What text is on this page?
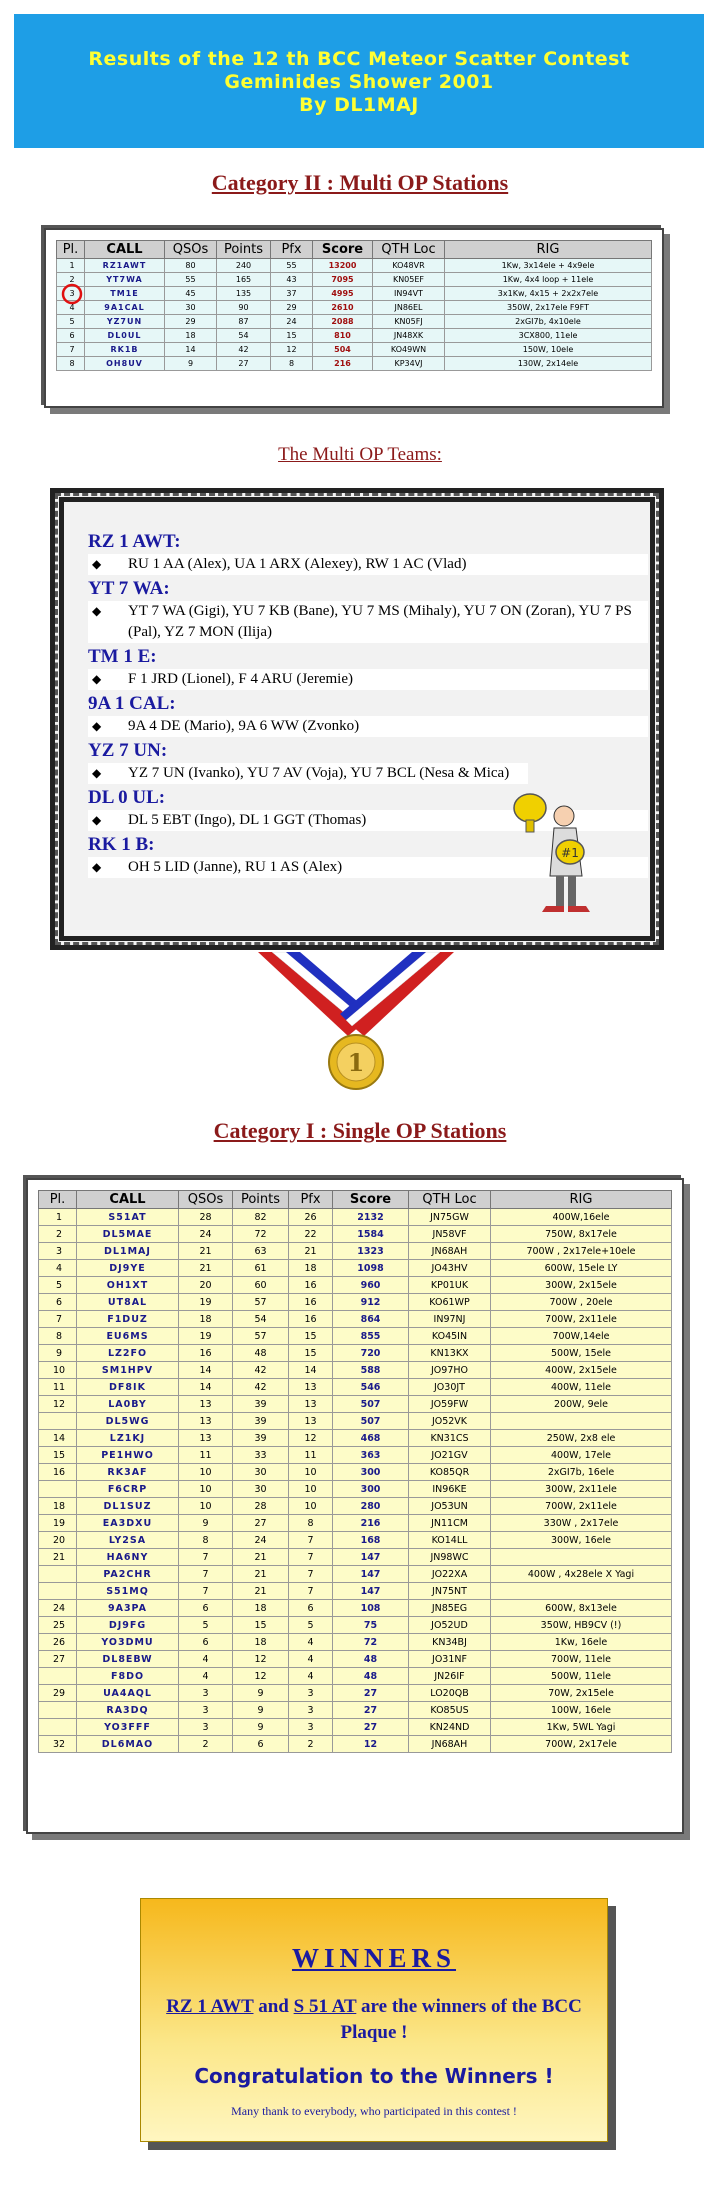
Results of the 12 th BCC Meteor Scatter Contest
Geminides Shower 2001
By DL1MAJ
Category II : Multi OP Stations
Pl.	CALL	QSOs	Points	Pfx	Score	QTH Loc	RIG
1	RZ1AWT	80	240	55	13200	KO48VR	1Kw, 3x14ele + 4x9ele
2	YT7WA	55	165	43	7095	KN05EF	1Kw, 4x4 loop + 11ele
3	TM1E	45	135	37	4995	IN94VT	3x1Kw, 4x15 + 2x2x7ele
4	9A1CAL	30	90	29	2610	JN86EL	350W, 2x17ele F9FT
5	YZ7UN	29	87	24	2088	KN05FJ	2xGI7b, 4x10ele
6	DL0UL	18	54	15	810	JN48XK	3CX800, 11ele
7	RK1B	14	42	12	504	KO49WN	150W, 10ele
8	OH8UV	9	27	8	216	KP34VJ	130W, 2x14ele
The Multi OP Teams:
RZ 1 AWT:
◆ RU 1 AA (Alex), UA 1 ARX (Alexey), RW 1 AC (Vlad)
YT 7 WA:
◆ YT 7 WA (Gigi), YU 7 KB (Bane), YU 7 MS (Mihaly), YU 7 ON (Zoran), YU 7 PS (Pal), YZ 7 MON (Ilija)
TM 1 E:
◆ F 1 JRD (Lionel), F 4 ARU (Jeremie)
9A 1 CAL:
◆ 9A 4 DE (Mario), 9A 6 WW (Zvonko)
YZ 7 UN:
◆ YZ 7 UN (Ivanko), YU 7 AV (Voja), YU 7 BCL (Nesa & Mica)
DL 0 UL:
◆ DL 5 EBT (Ingo), DL 1 GGT (Thomas)
RK 1 B:
◆ OH 5 LID (Janne), RU 1 AS (Alex)
#1
1
Category I : Single OP Stations
Pl.	CALL	QSOs	Points	Pfx	Score	QTH Loc	RIG
1	S51AT	28	82	26	2132	JN75GW	400W,16ele
2	DL5MAE	24	72	22	1584	JN58VF	750W, 8x17ele
3	DL1MAJ	21	63	21	1323	JN68AH	700W , 2x17ele+10ele
4	DJ9YE	21	61	18	1098	JO43HV	600W, 15ele LY
5	OH1XT	20	60	16	960	KP01UK	300W, 2x15ele
6	UT8AL	19	57	16	912	KO61WP	700W , 20ele
7	F1DUZ	18	54	16	864	IN97NJ	700W, 2x11ele
8	EU6MS	19	57	15	855	KO45IN	700W,14ele
9	LZ2FO	16	48	15	720	KN13KX	500W, 15ele
10	SM1HPV	14	42	14	588	JO97HO	400W, 2x15ele
11	DF8IK	14	42	13	546	JO30JT	400W, 11ele
12	LA0BY	13	39	13	507	JO59FW	200W, 9ele
	DL5WG	13	39	13	507	JO52VK	
14	LZ1KJ	13	39	12	468	KN31CS	250W, 2x8 ele
15	PE1HWO	11	33	11	363	JO21GV	400W, 17ele
16	RK3AF	10	30	10	300	KO85QR	2xGI7b, 16ele
	F6CRP	10	30	10	300	IN96KE	300W, 2x11ele
18	DL1SUZ	10	28	10	280	JO53UN	700W, 2x11ele
19	EA3DXU	9	27	8	216	JN11CM	330W , 2x17ele
20	LY2SA	8	24	7	168	KO14LL	300W, 16ele
21	HA6NY	7	21	7	147	JN98WC	
	PA2CHR	7	21	7	147	JO22XA	400W , 4x28ele X Yagi
	S51MQ	7	21	7	147	JN75NT	
24	9A3PA	6	18	6	108	JN85EG	600W, 8x13ele
25	DJ9FG	5	15	5	75	JO52UD	350W, HB9CV (!)
26	YO3DMU	6	18	4	72	KN34BJ	1Kw, 16ele
27	DL8EBW	4	12	4	48	JO31NF	700W, 11ele
	F8DO	4	12	4	48	JN26IF	500W, 11ele
29	UA4AQL	3	9	3	27	LO20QB	70W, 2x15ele
	RA3DQ	3	9	3	27	KO85US	100W, 16ele
	YO3FFF	3	9	3	27	KN24ND	1Kw, 5WL Yagi
32	DL6MAO	2	6	2	12	JN68AH	700W, 2x17ele
WINNERS
RZ 1 AWT and S 51 AT are the winners of the BCC Plaque !
Congratulation to the Winners !
Many thank to everybody, who participated in this contest !
